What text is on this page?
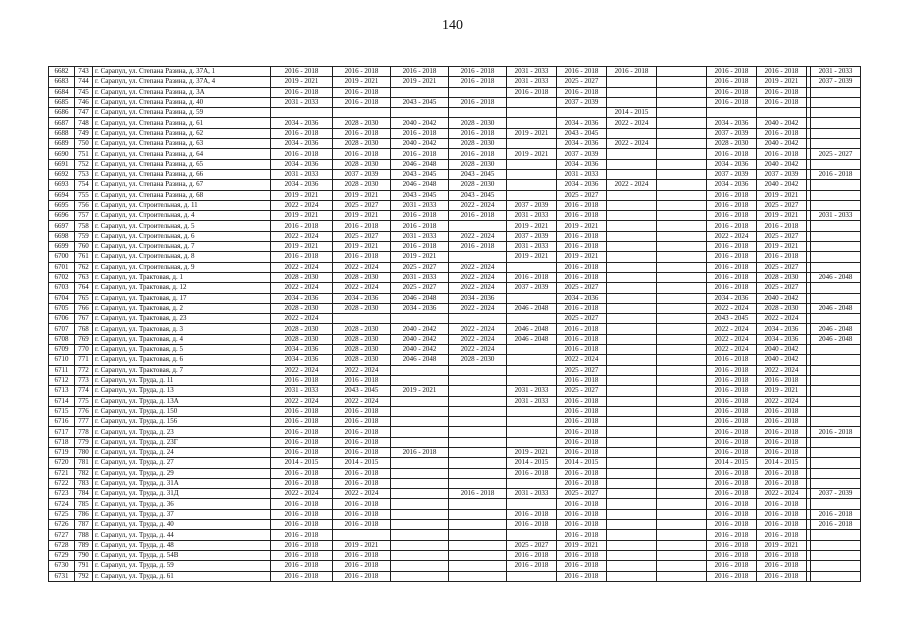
140
6682	743	г. Сарапул, ул. Степана Разина, д. 37А, 1	2016 - 2018	2016 - 2018	2016 - 2018	2016 - 2018	2031 - 2033	2016 - 2018	2016 - 2018		2016 - 2018	2016 - 2018		2031 - 2033
6683	744	г. Сарапул, ул. Степана Разина, д. 37А, 4	2019 - 2021	2019 - 2021	2019 - 2021	2016 - 2018	2031 - 2033	2025 - 2027			2016 - 2018	2019 - 2021		2037 - 2039
6684	745	г. Сарапул, ул. Степана Разина, д. 3А	2016 - 2018	2016 - 2018			2016 - 2018	2016 - 2018			2016 - 2018	2016 - 2018		
6685	746	г. Сарапул, ул. Степана Разина, д. 40	2031 - 2033	2016 - 2018	2043 - 2045	2016 - 2018		2037 - 2039			2016 - 2018	2016 - 2018		
6686	747	г. Сарапул, ул. Степана Разина, д. 59							2014 - 2015					
6687	748	г. Сарапул, ул. Степана Разина, д. 61	2034 - 2036	2028 - 2030	2040 - 2042	2028 - 2030		2034 - 2036	2022 - 2024		2034 - 2036	2040 - 2042		
6688	749	г. Сарапул, ул. Степана Разина, д. 62	2016 - 2018	2016 - 2018	2016 - 2018	2016 - 2018	2019 - 2021	2043 - 2045			2037 - 2039	2016 - 2018		
6689	750	г. Сарапул, ул. Степана Разина, д. 63	2034 - 2036	2028 - 2030	2040 - 2042	2028 - 2030		2034 - 2036	2022 - 2024		2028 - 2030	2040 - 2042		
6690	751	г. Сарапул, ул. Степана Разина, д. 64	2016 - 2018	2016 - 2018	2016 - 2018	2016 - 2018	2019 - 2021	2037 - 2039			2016 - 2018	2016 - 2018		2025 - 2027
6691	752	г. Сарапул, ул. Степана Разина, д. 65	2034 - 2036	2028 - 2030	2046 - 2048	2028 - 2030		2034 - 2036			2034 - 2036	2040 - 2042		
6692	753	г. Сарапул, ул. Степана Разина, д. 66	2031 - 2033	2037 - 2039	2043 - 2045	2043 - 2045		2031 - 2033			2037 - 2039	2037 - 2039		2016 - 2018
6693	754	г. Сарапул, ул. Степана Разина, д. 67	2034 - 2036	2028 - 2030	2046 - 2048	2028 - 2030		2034 - 2036	2022 - 2024		2034 - 2036	2040 - 2042		
6694	755	г. Сарапул, ул. Степана Разина, д. 68	2019 - 2021	2019 - 2021	2043 - 2045	2043 - 2045		2025 - 2027			2016 - 2018	2019 - 2021		
6695	756	г. Сарапул, ул. Строительная, д. 11	2022 - 2024	2025 - 2027	2031 - 2033	2022 - 2024	2037 - 2039	2016 - 2018			2016 - 2018	2025 - 2027		
6696	757	г. Сарапул, ул. Строительная, д. 4	2019 - 2021	2019 - 2021	2016 - 2018	2016 - 2018	2031 - 2033	2016 - 2018			2016 - 2018	2019 - 2021		2031 - 2033
6697	758	г. Сарапул, ул. Строительная, д. 5	2016 - 2018	2016 - 2018	2016 - 2018		2019 - 2021	2019 - 2021			2016 - 2018	2016 - 2018		
6698	759	г. Сарапул, ул. Строительная, д. 6	2022 - 2024	2025 - 2027	2031 - 2033	2022 - 2024	2037 - 2039	2016 - 2018			2022 - 2024	2025 - 2027		
6699	760	г. Сарапул, ул. Строительная, д. 7	2019 - 2021	2019 - 2021	2016 - 2018	2016 - 2018	2031 - 2033	2016 - 2018			2016 - 2018	2019 - 2021		
6700	761	г. Сарапул, ул. Строительная, д. 8	2016 - 2018	2016 - 2018	2019 - 2021		2019 - 2021	2019 - 2021			2016 - 2018	2016 - 2018		
6701	762	г. Сарапул, ул. Строительная, д. 9	2022 - 2024	2022 - 2024	2025 - 2027	2022 - 2024		2016 - 2018			2016 - 2018	2025 - 2027		
6702	763	г. Сарапул, ул. Трактовая, д. 1	2028 - 2030	2028 - 2030	2031 - 2033	2022 - 2024	2016 - 2018	2016 - 2018			2016 - 2018	2028 - 2030		2046 - 2048
6703	764	г. Сарапул, ул. Трактовая, д. 12	2022 - 2024	2022 - 2024	2025 - 2027	2022 - 2024	2037 - 2039	2025 - 2027			2016 - 2018	2025 - 2027		
6704	765	г. Сарапул, ул. Трактовая, д. 17	2034 - 2036	2034 - 2036	2046 - 2048	2034 - 2036		2034 - 2036			2034 - 2036	2040 - 2042		
6705	766	г. Сарапул, ул. Трактовая, д. 2	2028 - 2030	2028 - 2030	2034 - 2036	2022 - 2024	2046 - 2048	2016 - 2018			2022 - 2024	2028 - 2030		2046 - 2048
6706	767	г. Сарапул, ул. Трактовая, д. 23	2022 - 2024					2025 - 2027			2043 - 2045	2022 - 2024		
6707	768	г. Сарапул, ул. Трактовая, д. 3	2028 - 2030	2028 - 2030	2040 - 2042	2022 - 2024	2046 - 2048	2016 - 2018			2022 - 2024	2034 - 2036		2046 - 2048
6708	769	г. Сарапул, ул. Трактовая, д. 4	2028 - 2030	2028 - 2030	2040 - 2042	2022 - 2024	2046 - 2048	2016 - 2018			2022 - 2024	2034 - 2036		2046 - 2048
6709	770	г. Сарапул, ул. Трактовая, д. 5	2034 - 2036	2028 - 2030	2040 - 2042	2022 - 2024		2016 - 2018			2022 - 2024	2040 - 2042		
6710	771	г. Сарапул, ул. Трактовая, д. 6	2034 - 2036	2028 - 2030	2046 - 2048	2028 - 2030		2022 - 2024			2016 - 2018	2040 - 2042		
6711	772	г. Сарапул, ул. Трактовая, д. 7	2022 - 2024	2022 - 2024				2025 - 2027			2016 - 2018	2022 - 2024		
6712	773	г. Сарапул, ул. Труда, д. 11	2016 - 2018	2016 - 2018				2016 - 2018			2016 - 2018	2016 - 2018		
6713	774	г. Сарапул, ул. Труда, д. 13	2031 - 2033	2043 - 2045	2019 - 2021		2031 - 2033	2025 - 2027			2016 - 2018	2019 - 2021		
6714	775	г. Сарапул, ул. Труда, д. 13А	2022 - 2024	2022 - 2024			2031 - 2033	2016 - 2018			2016 - 2018	2022 - 2024		
6715	776	г. Сарапул, ул. Труда, д. 150	2016 - 2018	2016 - 2018				2016 - 2018			2016 - 2018	2016 - 2018		
6716	777	г. Сарапул, ул. Труда, д. 156	2016 - 2018	2016 - 2018				2016 - 2018			2016 - 2018	2016 - 2018		
6717	778	г. Сарапул, ул. Труда, д. 23	2016 - 2018	2016 - 2018				2016 - 2018			2016 - 2018	2016 - 2018		2016 - 2018
6718	779	г. Сарапул, ул. Труда, д. 23Г	2016 - 2018	2016 - 2018				2016 - 2018			2016 - 2018	2016 - 2018		
6719	780	г. Сарапул, ул. Труда, д. 24	2016 - 2018	2016 - 2018	2016 - 2018		2019 - 2021	2016 - 2018			2016 - 2018	2016 - 2018		
6720	781	г. Сарапул, ул. Труда, д. 27	2014 - 2015	2014 - 2015			2014 - 2015	2014 - 2015			2014 - 2015	2014 - 2015		
6721	782	г. Сарапул, ул. Труда, д. 29	2016 - 2018	2016 - 2018			2016 - 2018	2016 - 2018			2016 - 2018	2016 - 2018		
6722	783	г. Сарапул, ул. Труда, д. 31А	2016 - 2018	2016 - 2018				2016 - 2018			2016 - 2018	2016 - 2018		
6723	784	г. Сарапул, ул. Труда, д. 31Д	2022 - 2024	2022 - 2024		2016 - 2018	2031 - 2033	2025 - 2027			2016 - 2018	2022 - 2024		2037 - 2039
6724	785	г. Сарапул, ул. Труда, д. 36	2016 - 2018	2016 - 2018				2016 - 2018			2016 - 2018	2016 - 2018		
6725	786	г. Сарапул, ул. Труда, д. 37	2016 - 2018	2016 - 2018			2016 - 2018	2016 - 2018			2016 - 2018	2016 - 2018		2016 - 2018
6726	787	г. Сарапул, ул. Труда, д. 40	2016 - 2018	2016 - 2018			2016 - 2018	2016 - 2018			2016 - 2018	2016 - 2018		2016 - 2018
6727	788	г. Сарапул, ул. Труда, д. 44	2016 - 2018					2016 - 2018			2016 - 2018	2016 - 2018		
6728	789	г. Сарапул, ул. Труда, д. 48	2016 - 2018	2019 - 2021			2025 - 2027	2019 - 2021			2016 - 2018	2019 - 2021		
6729	790	г. Сарапул, ул. Труда, д. 54В	2016 - 2018	2016 - 2018			2016 - 2018	2016 - 2018			2016 - 2018	2016 - 2018		
6730	791	г. Сарапул, ул. Труда, д. 59	2016 - 2018	2016 - 2018			2016 - 2018	2016 - 2018			2016 - 2018	2016 - 2018		
6731	792	г. Сарапул, ул. Труда, д. 61	2016 - 2018	2016 - 2018				2016 - 2018			2016 - 2018	2016 - 2018		
